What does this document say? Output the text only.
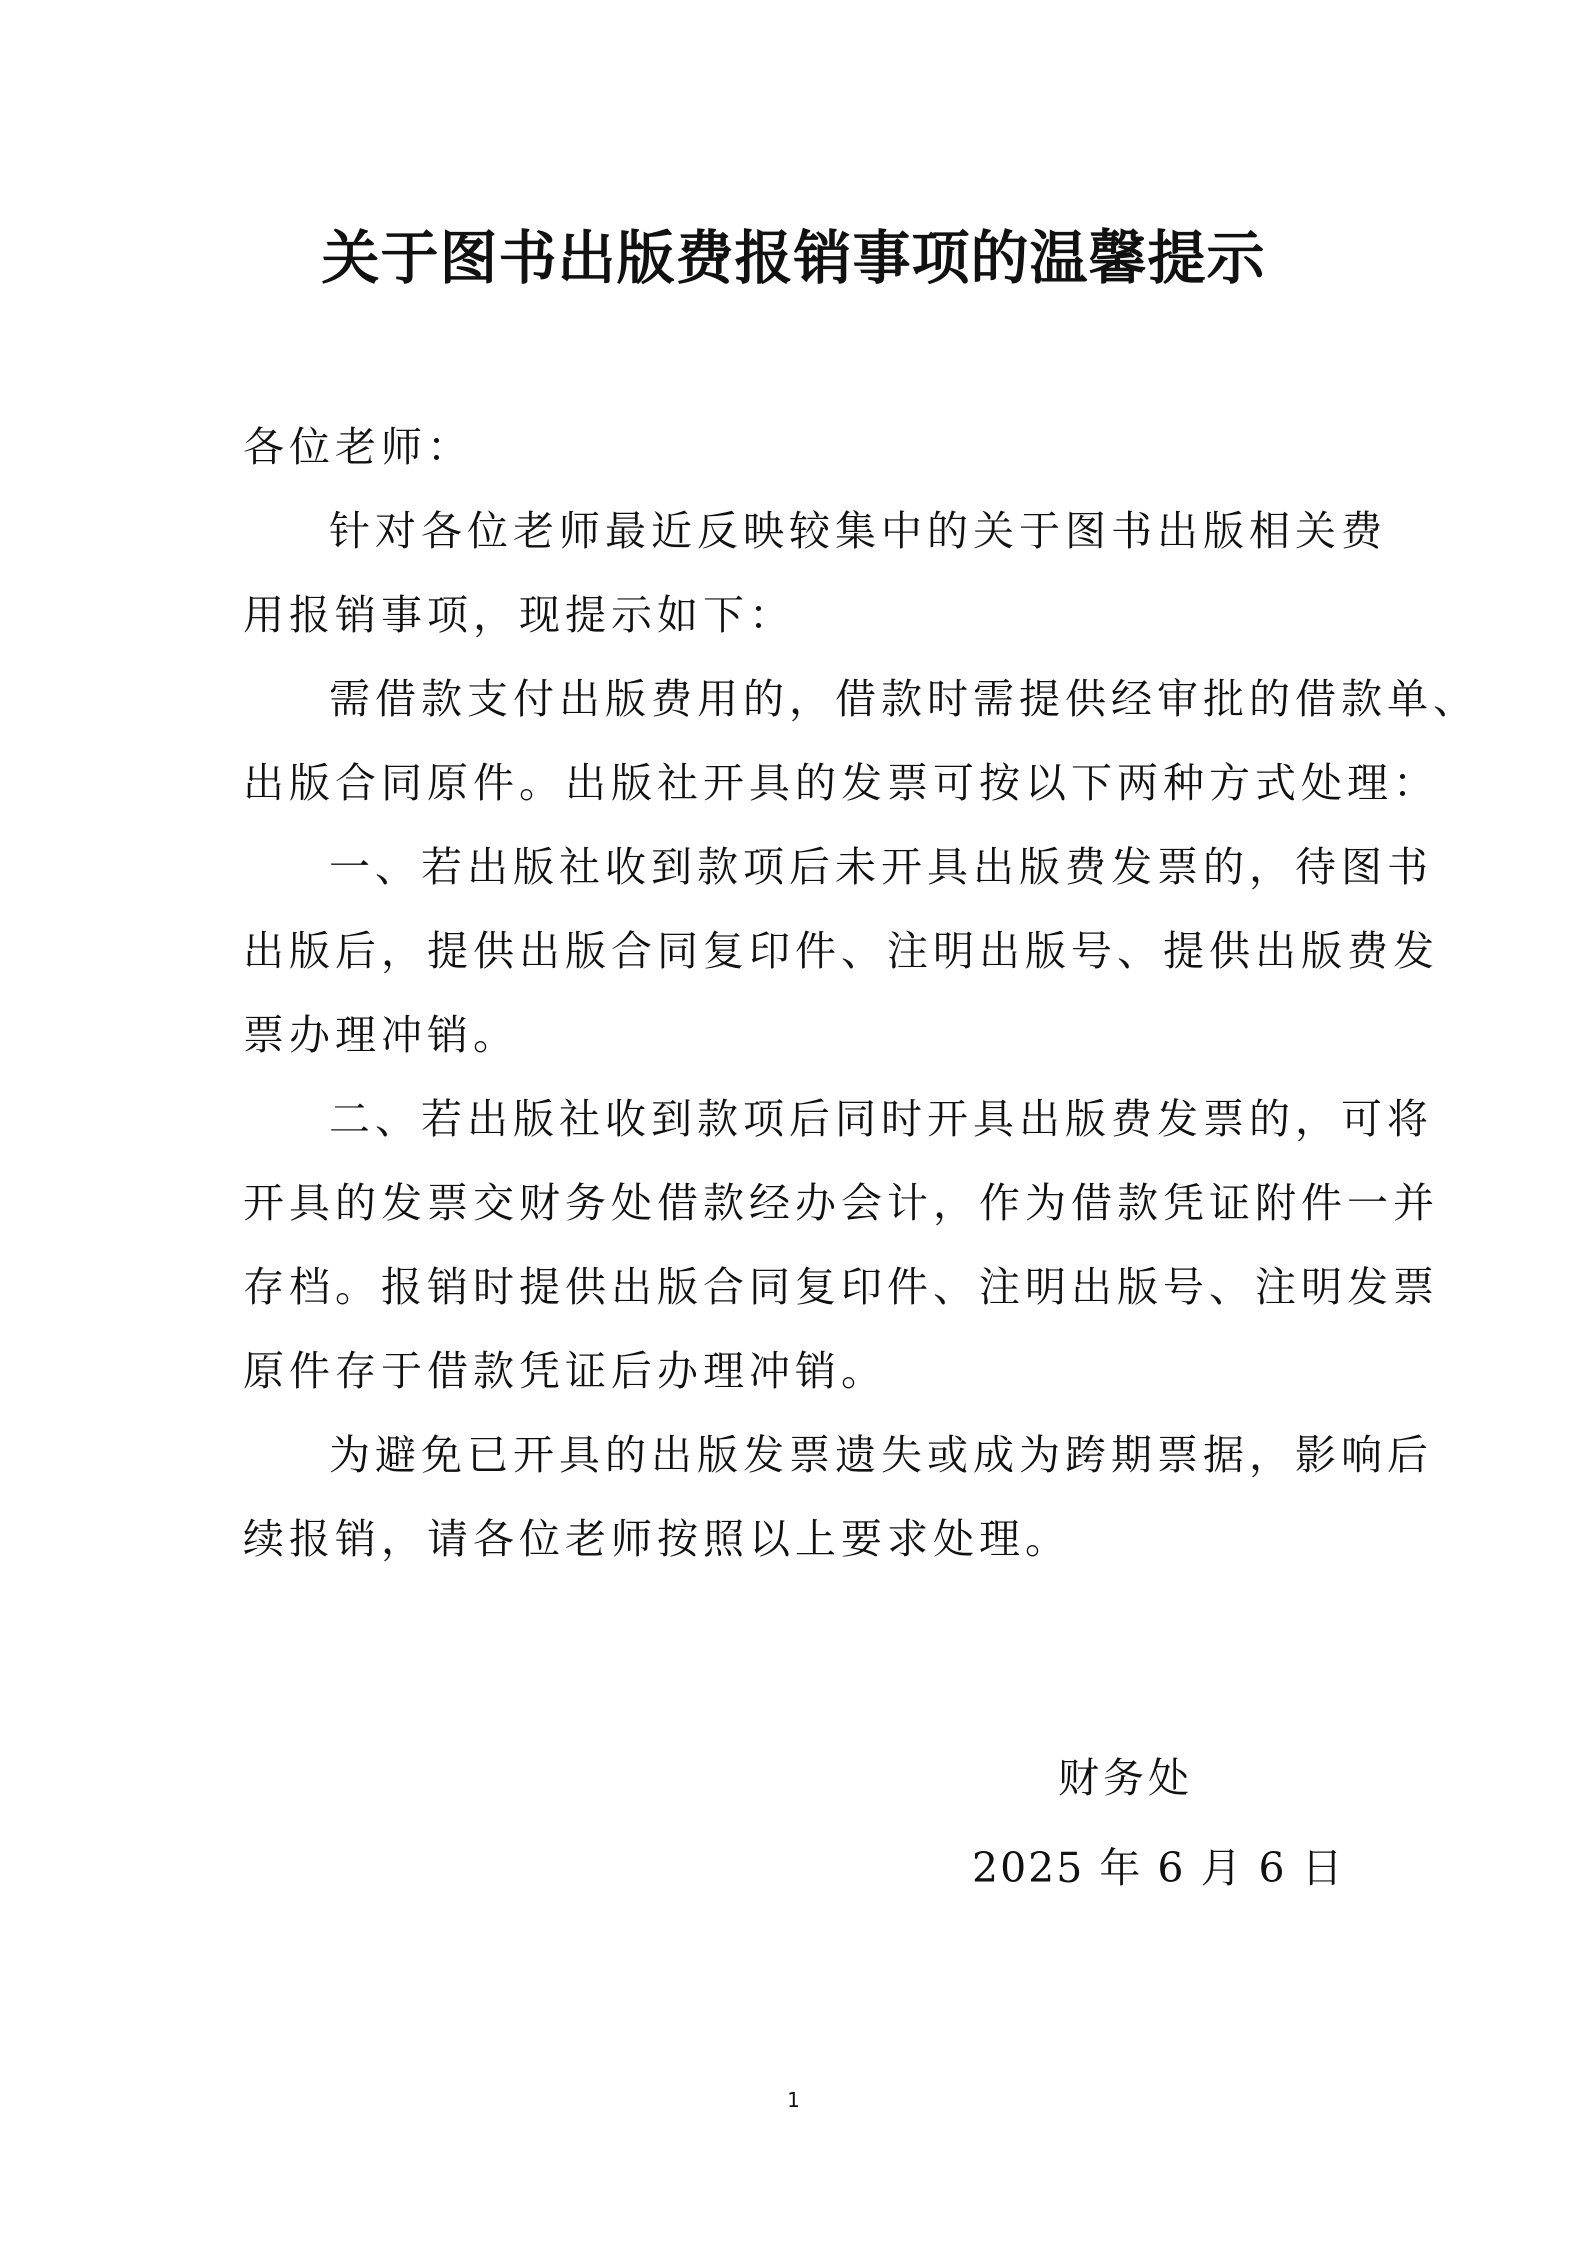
关于图书出版费报销事项的温馨提示
各位老师：
针对各位老师最近反映较集中的关于图书出版相关费
用报销事项，现提示如下：
需借款支付出版费用的，借款时需提供经审批的借款单、
出版合同原件。出版社开具的发票可按以下两种方式处理：
一、若出版社收到款项后未开具出版费发票的，待图书
出版后，提供出版合同复印件、注明出版号、提供出版费发
票办理冲销。
二、若出版社收到款项后同时开具出版费发票的，可将
开具的发票交财务处借款经办会计，作为借款凭证附件一并
存档。报销时提供出版合同复印件、注明出版号、注明发票
原件存于借款凭证后办理冲销。
为避免已开具的出版发票遗失或成为跨期票据，影响后
续报销，请各位老师按照以上要求处理。
财务处
2025 年 6 月 6 日
1
